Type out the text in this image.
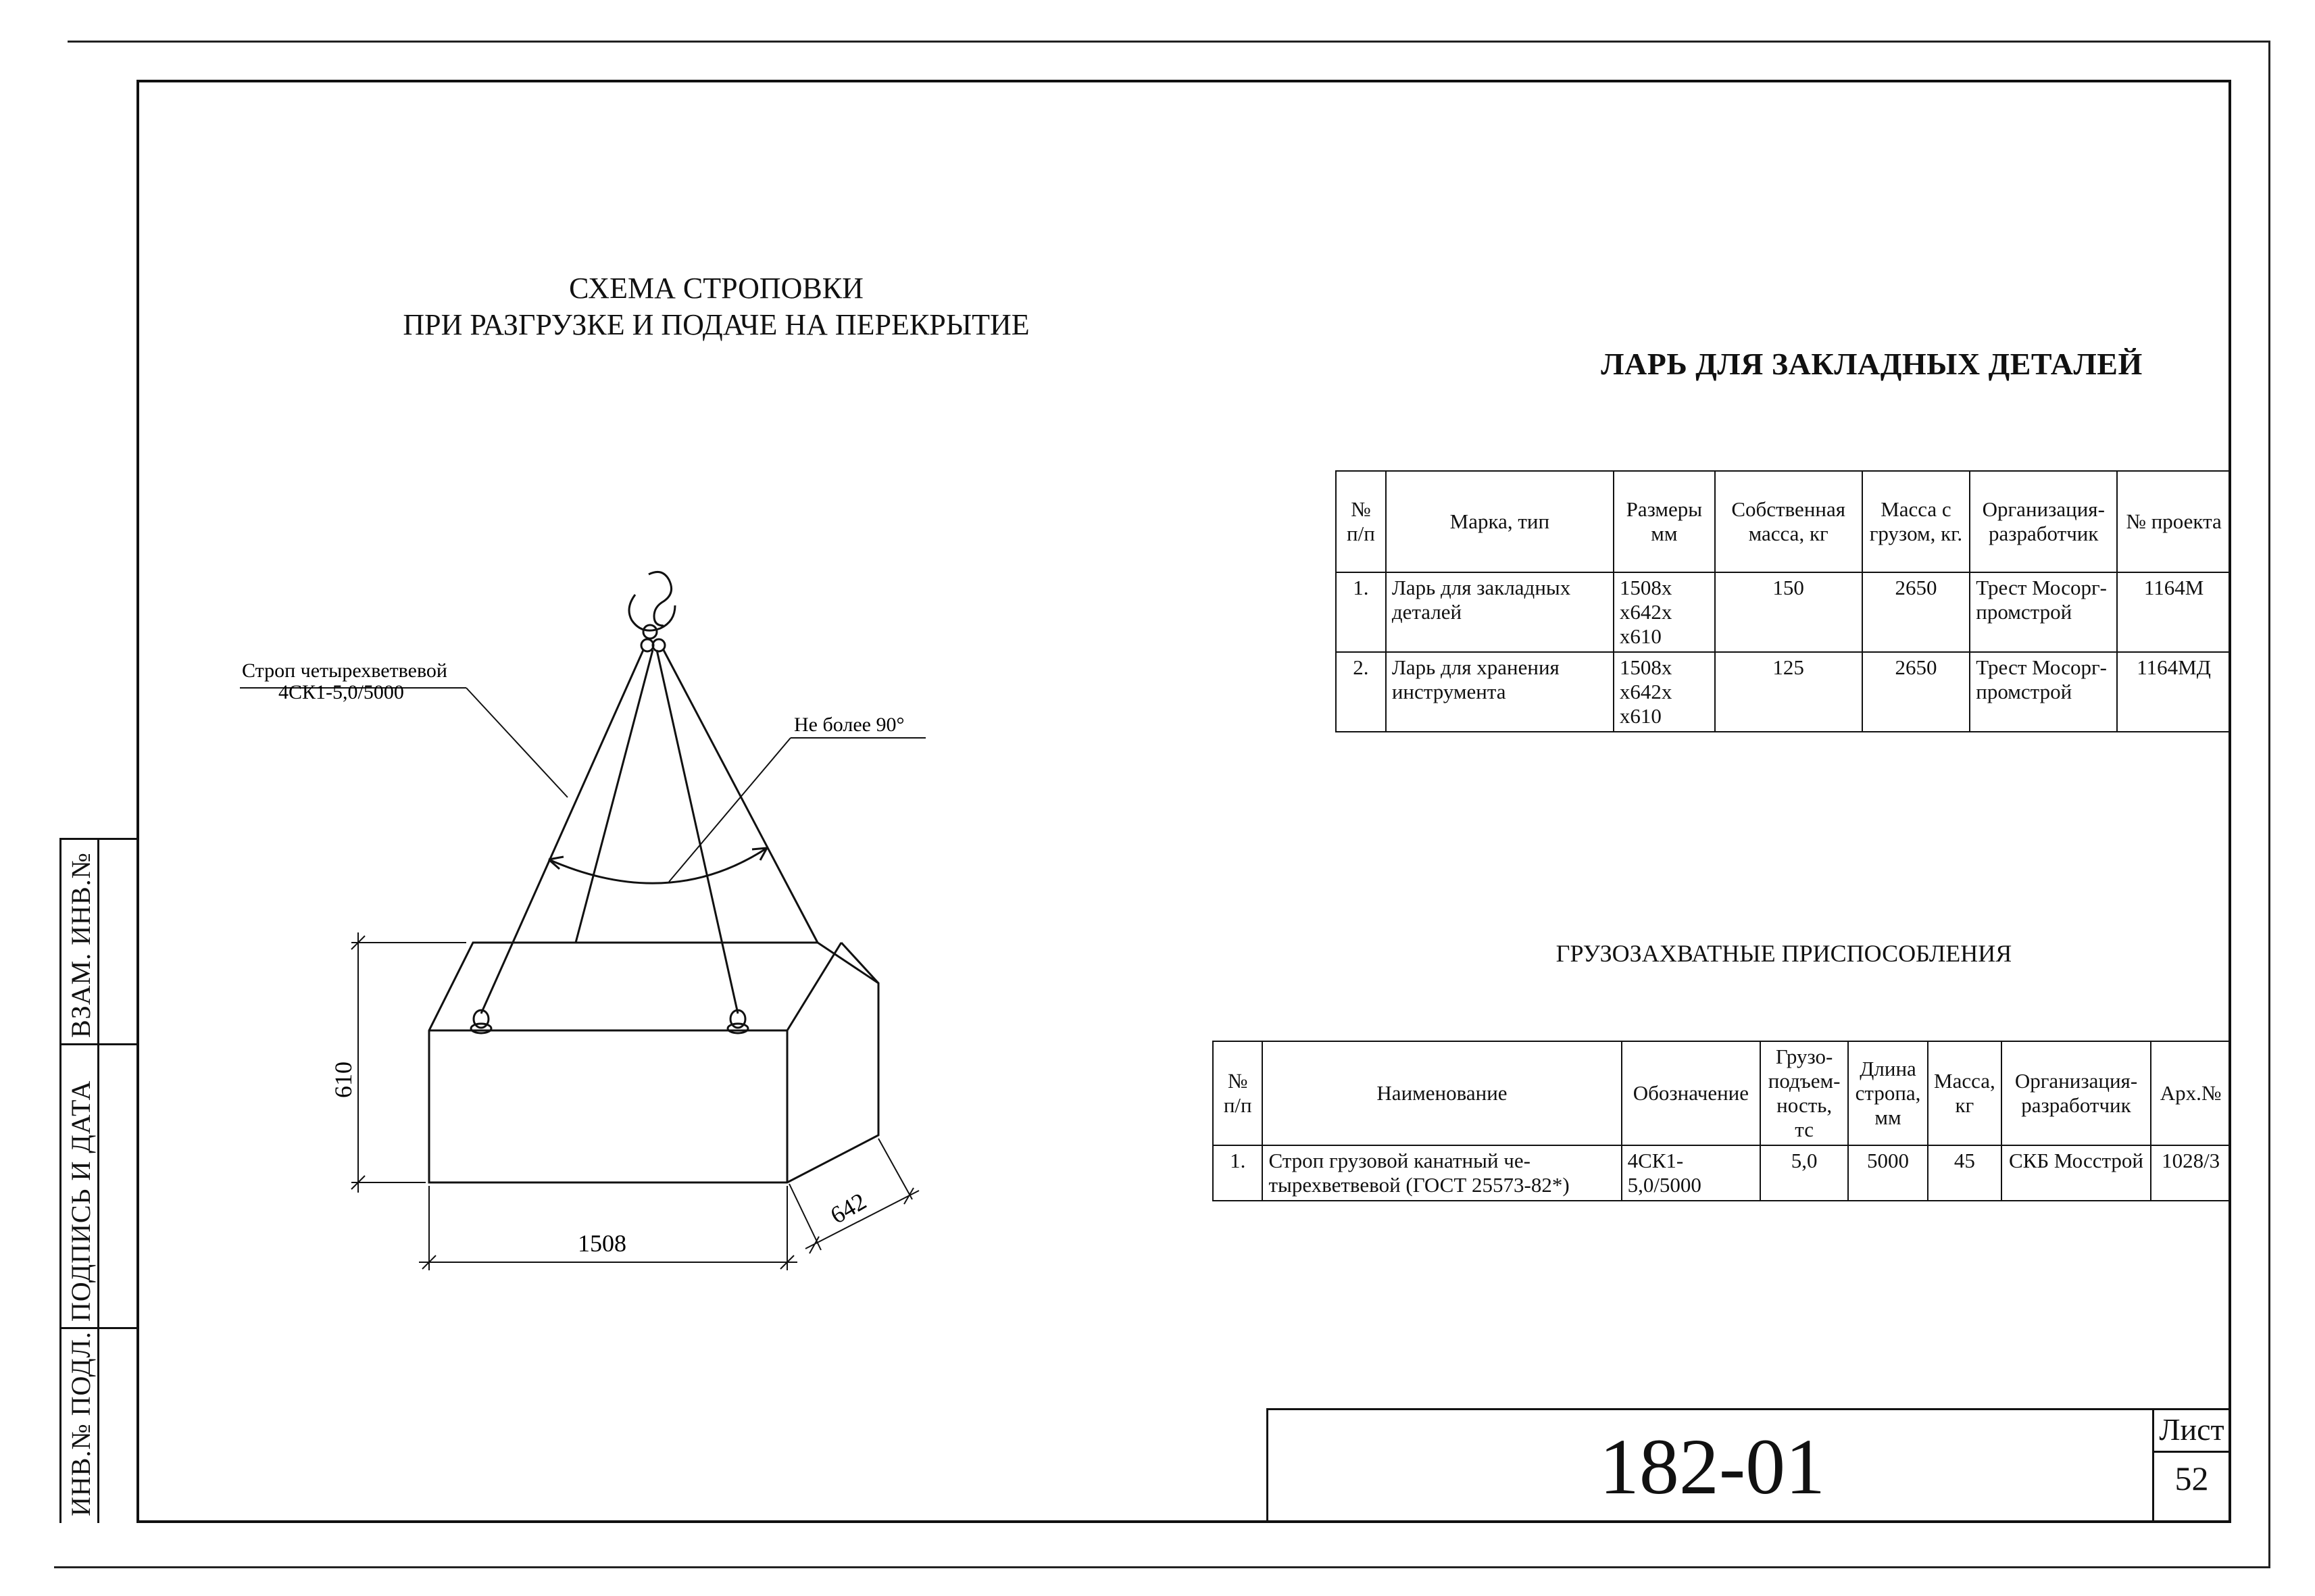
ИНВ.№ ПОДЛ.
ПОДПИСЬ И ДАТА
ВЗАМ. ИНВ.№
СХЕМА СТРОПОВКИ
ПРИ РАЗГРУЗКЕ И ПОДАЧЕ НА ПЕРЕКРЫТИЕ
Строп четырехветвевой
4СК1-5,0/5000
Не более 90°
610
1508
642
ЛАРЬ ДЛЯ ЗАКЛАДНЫХ ДЕТАЛЕЙ
№ п/п	Марка, тип	Размеры мм	Собственная масса, кг	Масса с грузом, кг.	Организация- разработчик	№ проекта
1.	Ларь для закладных деталей	1508х х642х х610	150	2650	Трест Мосорг- промстрой	1164М
2.	Ларь для хранения инструмента	1508х х642х х610	125	2650	Трест Мосорг- промстрой	1164МД
ГРУЗОЗАХВАТНЫЕ ПРИСПОСОБЛЕНИЯ
№ п/п	Наименование	Обозначение	Грузо- подъем- ность, тс	Длина стропа, мм	Масса, кг	Организация- разработчик	Арх.№
1.	Строп грузовой канатный че- тырехветвевой (ГОСТ 25573-82*)	4СК1-5,0/5000	5,0	5000	45	СКБ Мосстрой	1028/3
182-01	Лист
52
